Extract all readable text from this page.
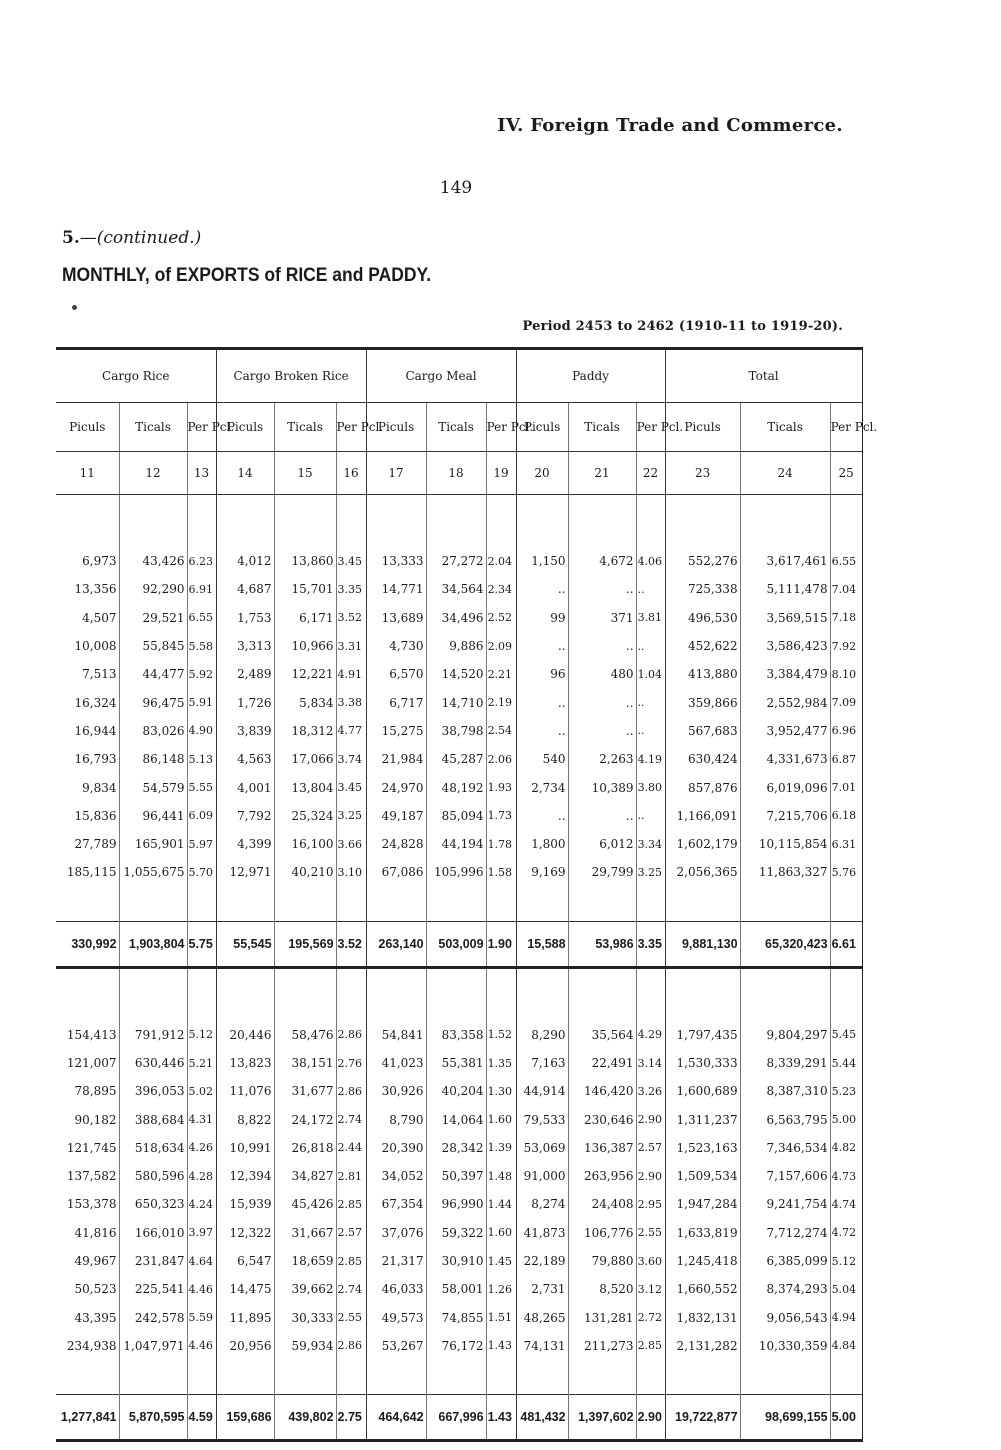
IV. Foreign Trade and Commerce.
149
5.—(continued.)
MONTHLY, of EXPORTS of RICE and PADDY.
Period 2453 to 2462 (1910-11 to 1919-20).
Cargo Rice			Cargo Broken Rice			Cargo Meal			Paddy			Total		
Piculs	Ticals	Per Pcl.	Piculs	Ticals	Per Pcl.	Piculs	Ticals	Per Pcl.	Piculs	Ticals	Per Pcl.	Piculs	Ticals	Per Pcl.
11	12	13	14	15	16	17	18	19	20	21	22	23	24	25

6,973	43,426	6.23	4,012	13,860	3.45	13,333	27,272	2.04	1,150	4,672	4.06	552,276	3,617,461	6.55
13,356	92,290	6.91	4,687	15,701	3.35	14,771	34,564	2.34	..	..	..	725,338	5,111,478	7.04
4,507	29,521	6.55	1,753	6,171	3.52	13,689	34,496	2.52	99	371	3.81	496,530	3,569,515	7.18
10,008	55,845	5.58	3,313	10,966	3.31	4,730	9,886	2.09	..	..	..	452,622	3,586,423	7.92
7,513	44,477	5.92	2,489	12,221	4.91	6,570	14,520	2.21	96	480	1.04	413,880	3,384,479	8.10
16,324	96,475	5.91	1,726	5,834	3.38	6,717	14,710	2.19	..	..	..	359,866	2,552,984	7.09
16,944	83,026	4.90	3,839	18,312	4.77	15,275	38,798	2.54	..	..	..	567,683	3,952,477	6.96
16,793	86,148	5.13	4,563	17,066	3.74	21,984	45,287	2.06	540	2,263	4.19	630,424	4,331,673	6.87
9,834	54,579	5.55	4,001	13,804	3.45	24,970	48,192	1.93	2,734	10,389	3.80	857,876	6,019,096	7.01
15,836	96,441	6.09	7,792	25,324	3.25	49,187	85,094	1.73	..	..	..	1,166,091	7,215,706	6.18
27,789	165,901	5.97	4,399	16,100	3.66	24,828	44,194	1.78	1,800	6,012	3.34	1,602,179	10,115,854	6.31
185,115	1,055,675	5.70	12,971	40,210	3.10	67,086	105,996	1.58	9,169	29,799	3.25	2,056,365	11,863,327	5.76

330,992	1,903,804	5.75	55,545	195,569	3.52	263,140	503,009	1.90	15,588	53,986	3.35	9,881,130	65,320,423	6.61

154,413	791,912	5.12	20,446	58,476	2.86	54,841	83,358	1.52	8,290	35,564	4.29	1,797,435	9,804,297	5.45
121,007	630,446	5.21	13,823	38,151	2.76	41,023	55,381	1.35	7,163	22,491	3.14	1,530,333	8,339,291	5.44
78,895	396,053	5.02	11,076	31,677	2.86	30,926	40,204	1.30	44,914	146,420	3.26	1,600,689	8,387,310	5.23
90,182	388,684	4.31	8,822	24,172	2.74	8,790	14,064	1.60	79,533	230,646	2.90	1,311,237	6,563,795	5.00
121,745	518,634	4.26	10,991	26,818	2.44	20,390	28,342	1.39	53,069	136,387	2.57	1,523,163	7,346,534	4.82
137,582	580,596	4.28	12,394	34,827	2.81	34,052	50,397	1.48	91,000	263,956	2.90	1,509,534	7,157,606	4.73
153,378	650,323	4.24	15,939	45,426	2.85	67,354	96,990	1.44	8,274	24,408	2.95	1,947,284	9,241,754	4.74
41,816	166,010	3.97	12,322	31,667	2.57	37,076	59,322	1.60	41,873	106,776	2.55	1,633,819	7,712,274	4.72
49,967	231,847	4.64	6,547	18,659	2.85	21,317	30,910	1.45	22,189	79,880	3.60	1,245,418	6,385,099	5.12
50,523	225,541	4.46	14,475	39,662	2.74	46,033	58,001	1.26	2,731	8,520	3.12	1,660,552	8,374,293	5.04
43,395	242,578	5.59	11,895	30,333	2.55	49,573	74,855	1.51	48,265	131,281	2.72	1,832,131	9,056,543	4.94
234,938	1,047,971	4.46	20,956	59,934	2.86	53,267	76,172	1.43	74,131	211,273	2.85	2,131,282	10,330,359	4.84

1,277,841	5,870,595	4.59	159,686	439,802	2.75	464,642	667,996	1.43	481,432	1,397,602	2.90	19,722,877	98,699,155	5.00
